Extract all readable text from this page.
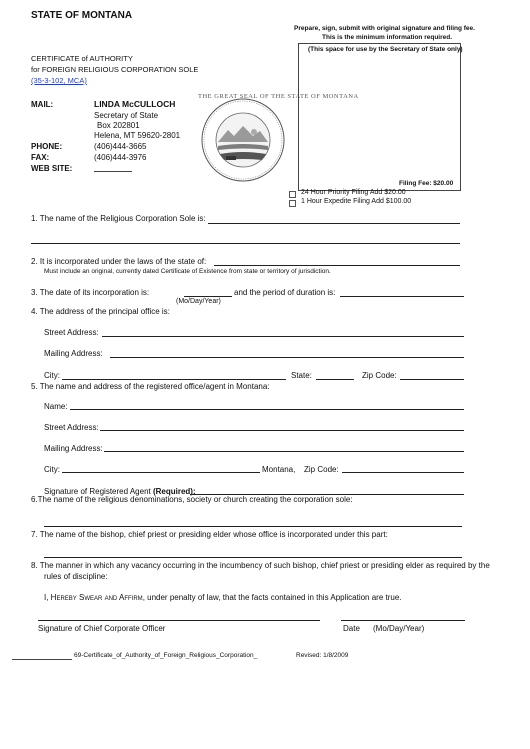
STATE OF MONTANA
Prepare, sign, submit with original signature and filing fee.
This is the minimum information required.
CERTIFICATE of AUTHORITY
for FOREIGN RELIGIOUS CORPORATION SOLE
(35-3-102, MCA)
MAIL:	LINDA McCULLOCH
Secretary of State
Box 202801
Helena, MT 59620-2801
PHONE:	(406)444-3665
FAX:	(406)444-3976
WEB SITE:
THE GREAT SEAL OF THE STATE OF MONTANA
(This space for use by the Secretary of State only)
Filing Fee: $20.00
24 Hour Priority Filing Add $20.00
1 Hour Expedite Filing Add $100.00
1. The name of the Religious Corporation Sole is:
2. It is incorporated under the laws of the state of:
Must include an original, currently dated Certificate of Existence from state or territory of jurisdiction.
3. The date of its incorporation is:	and the period of duration is:
(Mo/Day/Year)
4. The address of the principal office is:
Street Address:
Mailing Address:
City:	State:	Zip Code:
5. The name and address of the registered office/agent in Montana:
Name:
Street Address:
Mailing Address:
City:	Montana, Zip Code:
Signature of Registered Agent (Required):
6.The name of the religious denominations, society or church creating the corporation sole:
7. The name of the bishop, chief priest or presiding elder whose office is incorporated under this part:
8. The manner in which any vacancy occurring in the incumbency of such bishop, chief priest or presiding elder as required by the
rules of discipline:
I, Hereby Swear and Affirm, under penalty of law, that the facts contained in this Application are true.
Signature of Chief Corporate Officer	Date (Mo/Day/Year)
69-Certificate_of_Authority_of_Foreign_Religious_Corporation_	Revised: 1/8/2009
